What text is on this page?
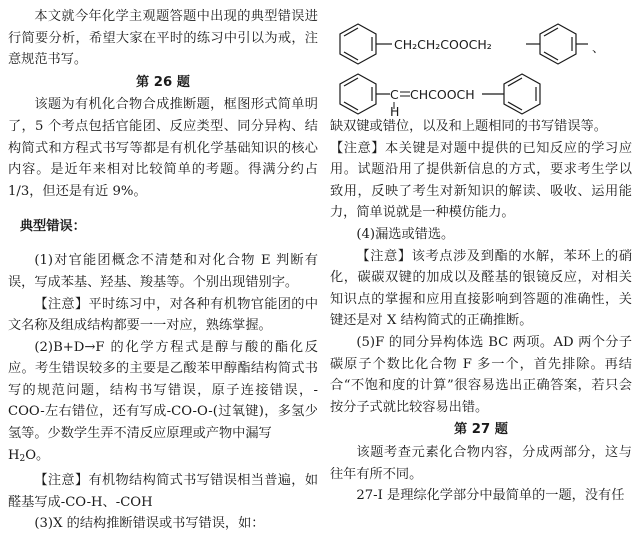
本文就今年化学主观题答题中出现的典型错误进行简要分析，希望大家在平时的练习中引以为戒，注意规范书写。

第 26 题

该题为有机化合物合成推断题，框图形式简单明了，5 个考点包括官能团、反应类型、同分异构、结构简式和方程式书写等都是有机化学基础知识的核心内容。是近年来相对比较简单的考题。得满分约占 1/3，但还是有近 9%。

典型错误：

(1)对官能团概念不清楚和对化合物 E 判断有误，写成苯基、羟基、羧基等。个别出现错别字。

【注意】平时练习中，对各种有机物官能团的中文名称及组成结构都要一一对应，熟练掌握。

(2)B+D→F 的化学方程式是醇与酸的酯化反应。考生错误较多的主要是乙酸苯甲醇酯结构简式书写的规范问题，结构书写错误，原子连接错误，-COO-左右错位，还有写成-CO-O-(过氧键)，多氢少氢等。少数学生弄不清反应原理或产物中漏写
$H_2O$。

【注意】有机物结构简式书写错误相当普遍，如醛基写成-CO-H、-COH

(3)X 的结构推断错误或书写错误，如：

CH₂CH₂COOCH₂	、
C
H
CHCOOCH

缺双键或错位，以及和上题相同的书写错误等。

【注意】本关键是对题中提供的已知反应的学习应用。试题沿用了提供新信息的方式，要求考生学以致用，反映了考生对新知识的解读、吸收、运用能力，简单说就是一种模仿能力。

(4)漏选或错选。

【注意】该考点涉及到酯的水解，苯环上的硝化，碳碳双键的加成以及醛基的银镜反应，对相关知识点的掌握和应用直接影响到答题的准确性，关键还是对 X 结构简式的正确推断。

(5)F 的同分异构体选 BC 两项。AD 两个分子碳原子个数比化合物 F 多一个，首先排除。再结合“不饱和度的计算”很容易选出正确答案，若只会按分子式就比较容易出错。

第 27 题

该题考查元素化合物内容，分成两部分，这与往年有所不同。

27-I 是理综化学部分中最简单的一题，没有任
